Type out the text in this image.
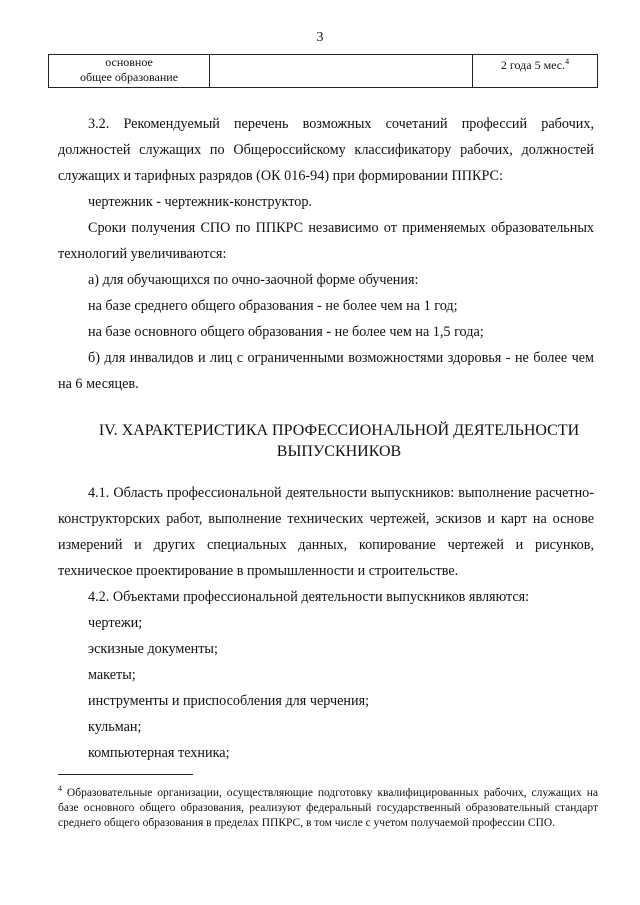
3
основное
общее образование
		2 года 5 мес.$^4$

3.2. Рекомендуемый перечень возможных сочетаний профессий рабочих, должностей служащих по Общероссийскому классификатору рабочих, должностей служащих и тарифных разрядов (ОК 016-94) при формировании ППКРС:

чертежник - чертежник-конструктор.

Сроки получения СПО по ППКРС независимо от применяемых образовательных технологий увеличиваются:

а) для обучающихся по очно-заочной форме обучения:

на базе среднего общего образования - не более чем на 1 год;

на базе основного общего образования - не более чем на 1,5 года;

б) для инвалидов и лиц с ограниченными возможностями здоровья - не более чем на 6 месяцев.

IV. ХАРАКТЕРИСТИКА ПРОФЕССИОНАЛЬНОЙ ДЕЯТЕЛЬНОСТИ ВЫПУСКНИКОВ

4.1. Область профессиональной деятельности выпускников: выполнение расчетно-конструкторских работ, выполнение технических чертежей, эскизов и карт на основе измерений и других специальных данных, копирование чертежей и рисунков, техническое проектирование в промышленности и строительстве.

4.2. Объектами профессиональной деятельности выпускников являются:

чертежи;

эскизные документы;

макеты;

инструменты и приспособления для черчения;

кульман;

компьютерная техника;

$^4$ Образовательные организации, осуществляющие подготовку квалифицированных рабочих, служащих на базе основного общего образования, реализуют федеральный государственный образовательный стандарт среднего общего образования в пределах ППКРС, в том числе с учетом получаемой профессии СПО.
